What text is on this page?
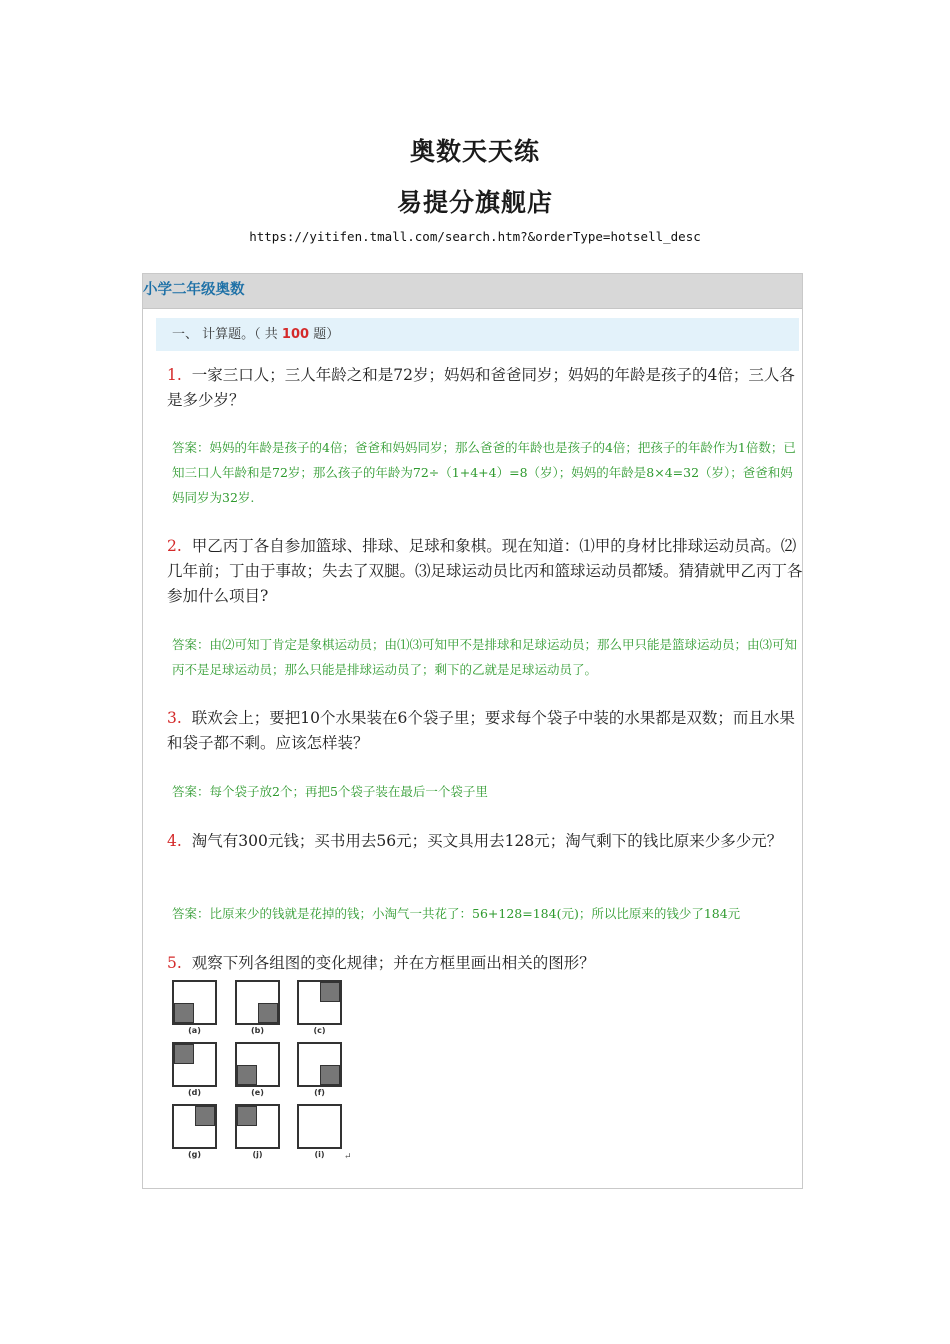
奥数天天练
易提分旗舰店
https://yitifen.tmall.com/search.htm?&orderType=hotsell_desc
小学二年级奥数
一、 计算题。（ 共 100 题）
1. 一家三口人；三人年龄之和是72岁；妈妈和爸爸同岁；妈妈的年龄是孩子的4倍；三人各是多少岁？
答案：妈妈的年龄是孩子的4倍；爸爸和妈妈同岁；那么爸爸的年龄也是孩子的4倍；把孩子的年龄作为1倍数；已知三口人年龄和是72岁；那么孩子的年龄为72÷（1+4+4）=8（岁）；妈妈的年龄是8×4=32（岁）；爸爸和妈妈同岁为32岁.
2. 甲乙丙丁各自参加篮球、排球、足球和象棋。现在知道：⑴甲的身材比排球运动员高。⑵几年前；丁由于事故；失去了双腿。⑶足球运动员比丙和篮球运动员都矮。猜猜就甲乙丙丁各参加什么项目?
答案：由⑵可知丁肯定是象棋运动员；由⑴⑶可知甲不是排球和足球运动员；那么甲只能是篮球运动员；由⑶可知丙不是足球运动员；那么只能是排球运动员了；剩下的乙就是足球运动员了。
3. 联欢会上；要把10个水果装在6个袋子里；要求每个袋子中装的水果都是双数；而且水果和袋子都不剩。应该怎样装？
答案：每个袋子放2个；再把5个袋子装在最后一个袋子里
4. 淘气有300元钱；买书用去56元；买文具用去128元；淘气剩下的钱比原来少多少元？
答案：比原来少的钱就是花掉的钱；小淘气一共花了：56+128=184(元)；所以比原来的钱少了184元
5. 观察下列各组图的变化规律；并在方框里画出相关的图形？
(a)	(b)	(c)
(d)	(e)	(f)
(g)	(j)	(i)	↵
